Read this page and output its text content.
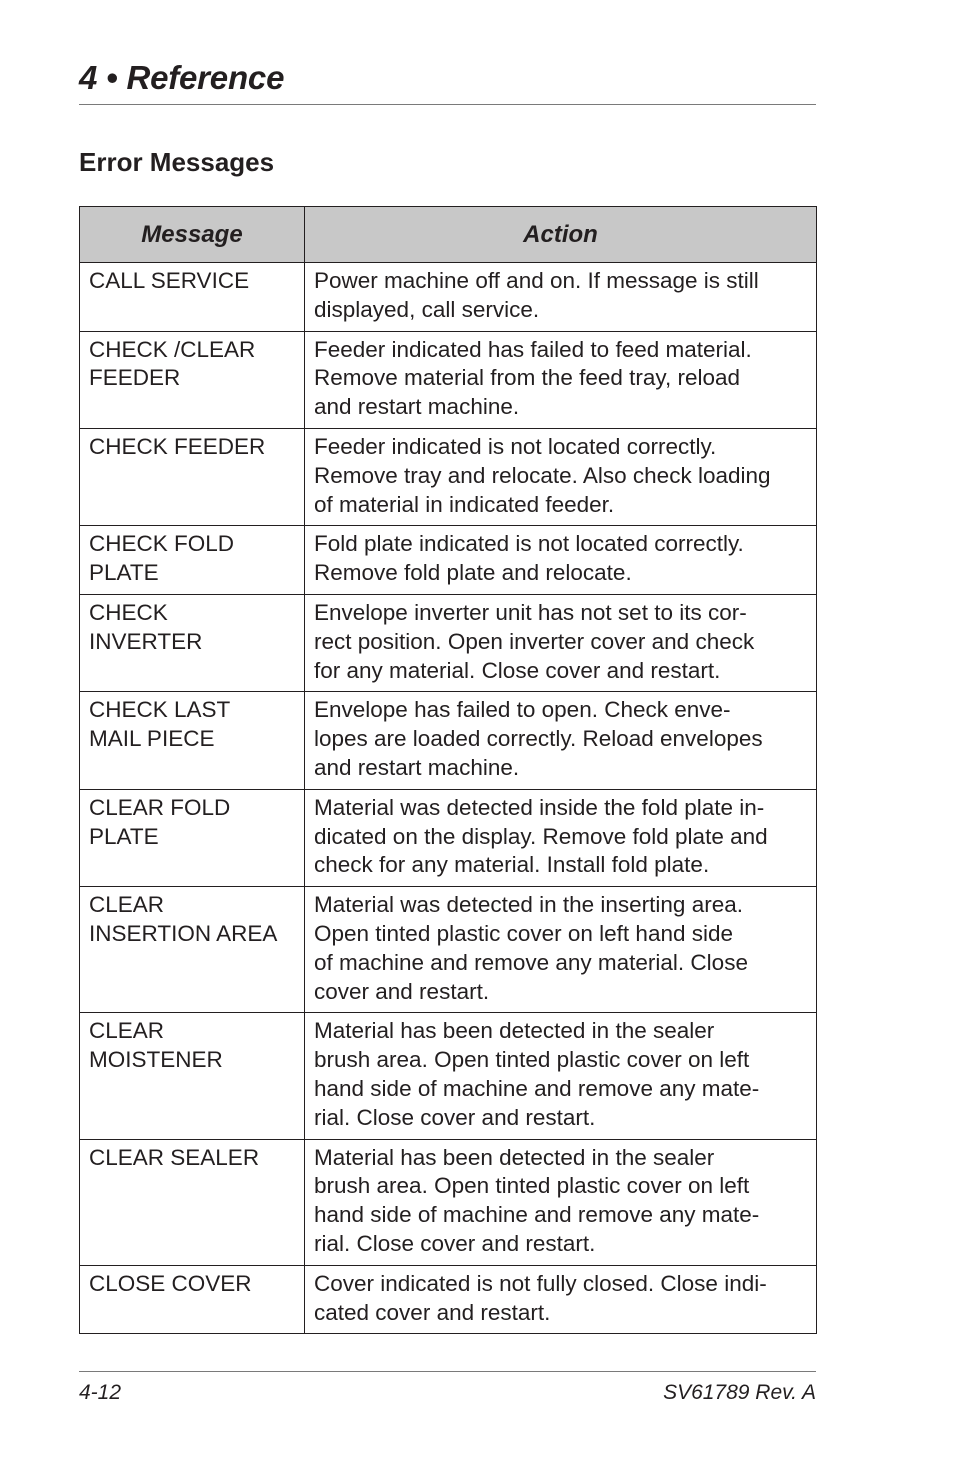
4 • Reference
Error Messages
Message	Action

CALL SERVICE	Power machine off and on. If message is still
displayed, call service.

CHECK /CLEAR
FEEDER	Feeder indicated has failed to feed material.
Remove material from the feed tray, reload
and restart machine.

CHECK FEEDER	Feeder indicated is not located correctly.
Remove tray and relocate. Also check loading
of material in indicated feeder.

CHECK FOLD
PLATE	Fold plate indicated is not located correctly.
Remove fold plate and relocate.

CHECK
INVERTER	Envelope inverter unit has not set to its cor-
rect position. Open inverter cover and check
for any material. Close cover and restart.

CHECK LAST
MAIL PIECE	Envelope has failed to open. Check enve-
lopes are loaded correctly. Reload envelopes
and restart machine.

CLEAR FOLD
PLATE	Material was detected inside the fold plate in-
dicated on the display. Remove fold plate and
check for any material. Install fold plate.

CLEAR
INSERTION AREA	Material was detected in the inserting area.
Open tinted plastic cover on left hand side
of machine and remove any material. Close
cover and restart.

CLEAR
MOISTENER	Material has been detected in the sealer
brush area. Open tinted plastic cover on left
hand side of machine and remove any mate-
rial. Close cover and restart.

CLEAR SEALER	Material has been detected in the sealer
brush area. Open tinted plastic cover on left
hand side of machine and remove any mate-
rial. Close cover and restart.

CLOSE COVER	Cover indicated is not fully closed. Close indi-
cated cover and restart.
4-12	SV61789 Rev. A
